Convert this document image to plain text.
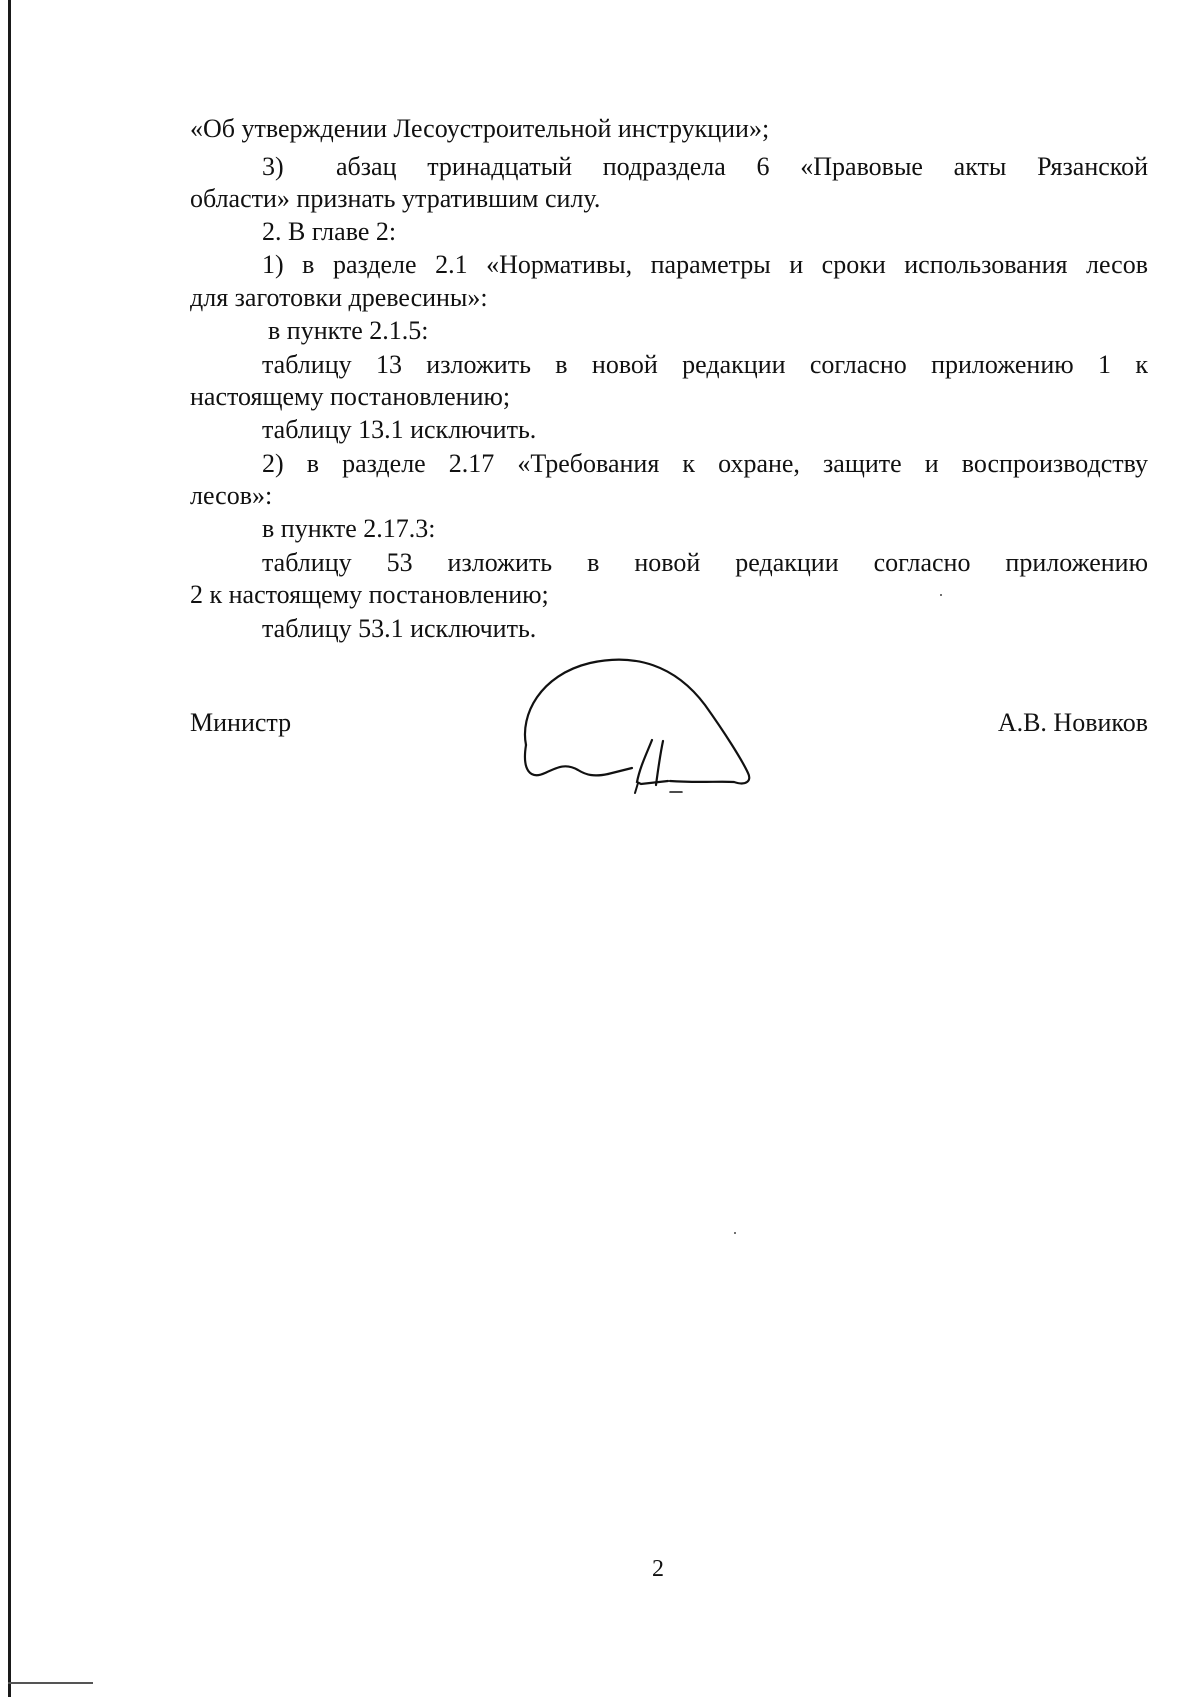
«Об утверждении Лесоустроительной инструкции»;
3) абзац тринадцатый подраздела 6 «Правовые акты Рязанской
области» признать утратившим силу.
2. В главе 2:
1) в разделе 2.1 «Нормативы, параметры и сроки использования лесов
для заготовки древесины»:
в пункте 2.1.5:
таблицу 13 изложить в новой редакции согласно приложению 1 к
настоящему постановлению;
таблицу 13.1 исключить.
2) в разделе 2.17 «Требования к охране, защите и воспроизводству
лесов»:
в пункте 2.17.3:
таблицу 53 изложить в новой редакции согласно приложению
2 к настоящему постановлению;
таблицу 53.1 исключить.
Министр	А.В. Новиков
2
